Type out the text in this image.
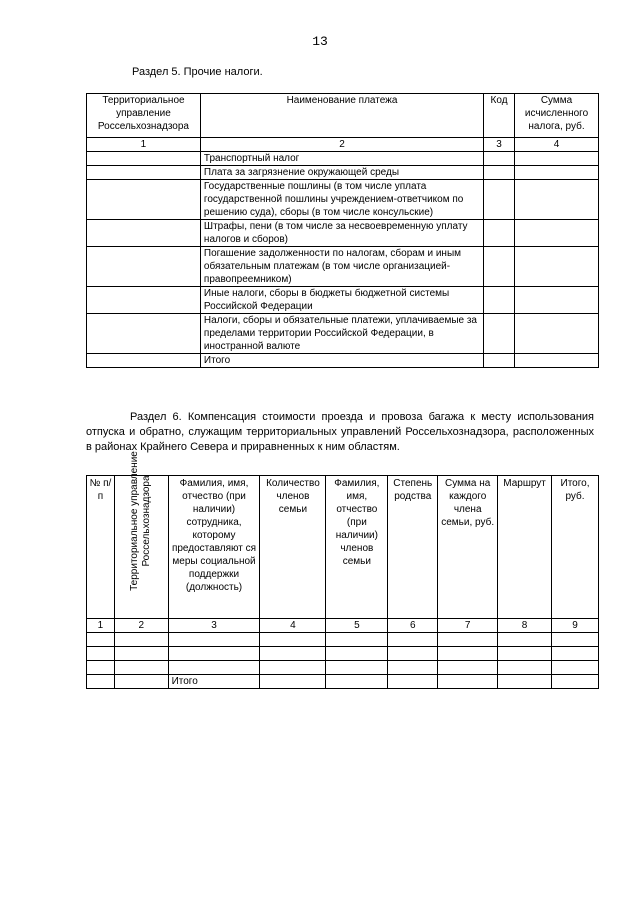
13
Раздел 5. Прочие налоги.
Территориальное управление Россельхознадзора	Наименование платежа	Код	Сумма исчисленного налога, руб.
1	2	3	4
	Транспортный налог		
	Плата за загрязнение окружающей среды		
	Государственные пошлины (в том числе уплата государственной пошлины учреждением-ответчиком по решению суда), сборы (в том числе консульские)		
	Штрафы, пени (в том числе за несвоевременную уплату налогов и сборов)		
	Погашение задолженности по налогам, сборам и иным обязательным платежам (в том числе организацией-правопреемником)		
	Иные налоги, сборы в бюджеты бюджетной системы Российской Федерации		
	Налоги, сборы и обязательные платежи, уплачиваемые за пределами территории Российской Федерации, в иностранной валюте		
	Итого		
Раздел 6. Компенсация стоимости проезда и провоза багажа к месту использования отпуска и обратно, служащим территориальных управлений Россельхознадзора, расположенных в районах Крайнего Севера и приравненных к ним областям.
№ п/п	Территориальное управление Россельхознадзора	Фамилия, имя, отчество (при наличии) сотрудника, которому предоставляют ся меры социальной поддержки (должность)	Количество членов семьи	Фамилия, имя, отчество (при наличии) членов семьи	Степень родства	Сумма на каждого члена семьи, руб.	Маршрут	Итого, руб.
1	2	3	4	5	6	7	8	9

		Итого						
